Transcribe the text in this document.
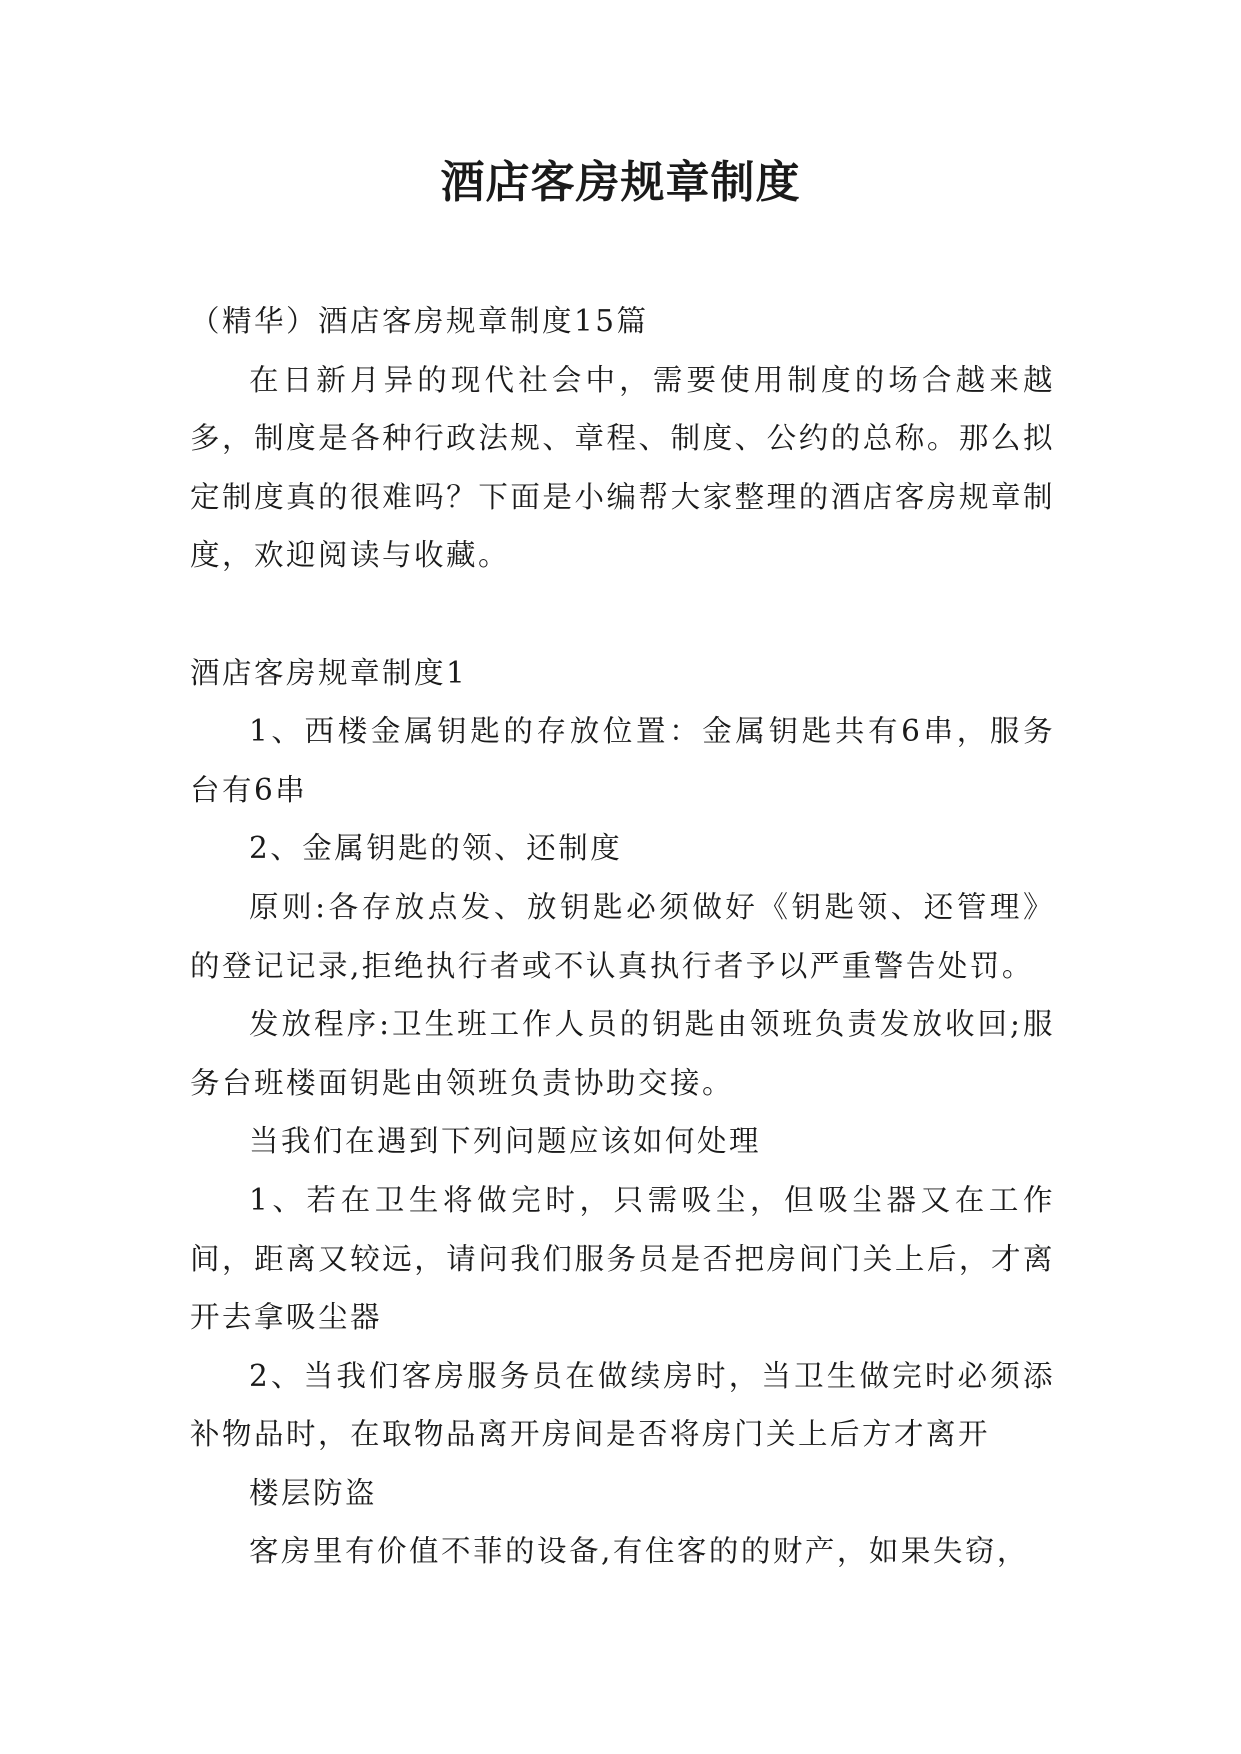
酒店客房规章制度

（精华）酒店客房规章制度15篇

在日新月异的现代社会中，需要使用制度的场合越来越多，制度是各种行政法规、章程、制度、公约的总称。那么拟定制度真的很难吗？下面是小编帮大家整理的酒店客房规章制度，欢迎阅读与收藏。

酒店客房规章制度1

1、西楼金属钥匙的存放位置：金属钥匙共有6串，服务台有6串

2、金属钥匙的领、还制度

原则:各存放点发、放钥匙必须做好《钥匙领、还管理》的登记记录,拒绝执行者或不认真执行者予以严重警告处罚。

发放程序:卫生班工作人员的钥匙由领班负责发放收回;服务台班楼面钥匙由领班负责协助交接。

当我们在遇到下列问题应该如何处理

1、若在卫生将做完时，只需吸尘，但吸尘器又在工作间，距离又较远，请问我们服务员是否把房间门关上后，才离开去拿吸尘器

2、当我们客房服务员在做续房时，当卫生做完时必须添补物品时，在取物品离开房间是否将房门关上后方才离开

楼层防盗

客房里有价值不菲的设备,有住客的的财产，如果失窃，
